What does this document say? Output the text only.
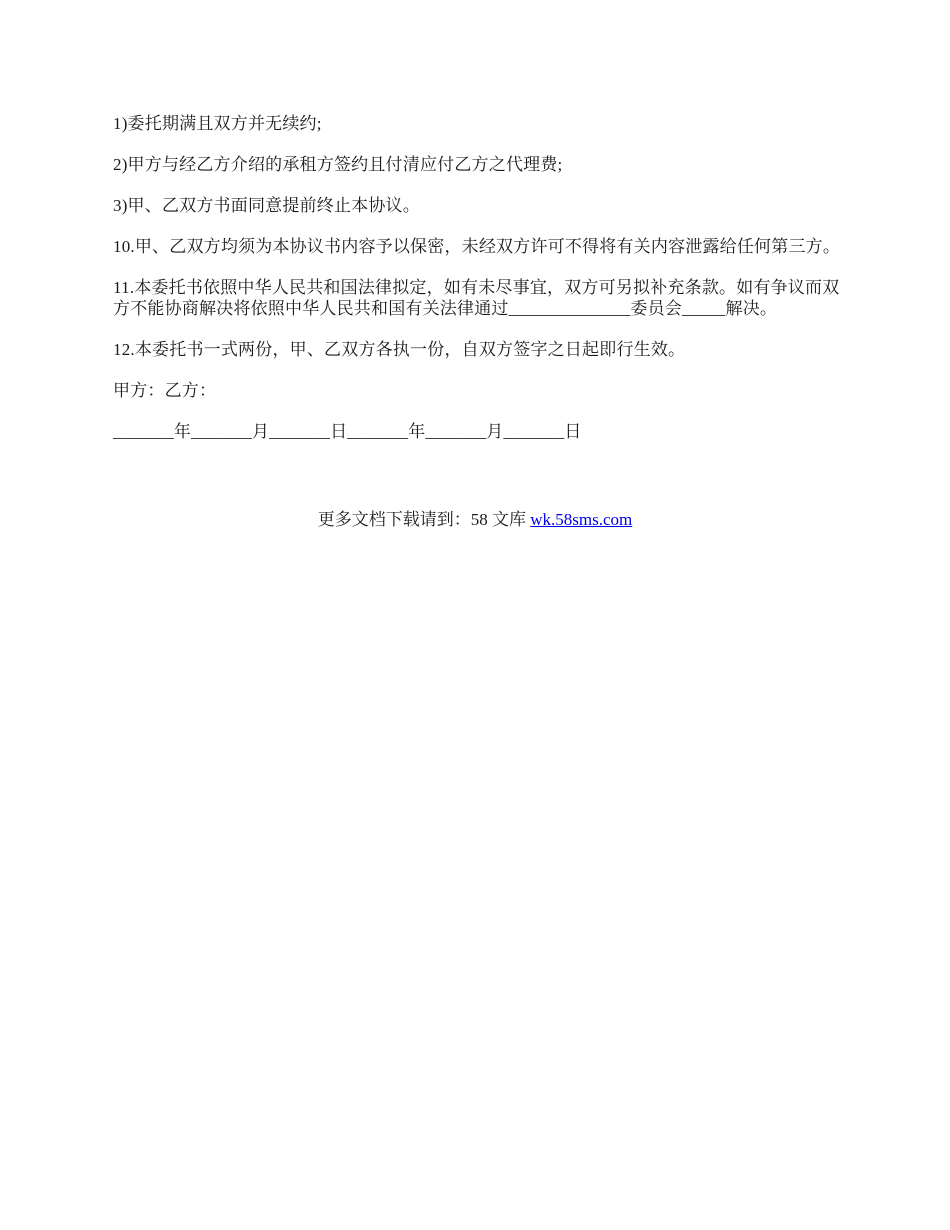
1)委托期满且双方并无续约;

2)甲方与经乙方介绍的承租方签约且付清应付乙方之代理费;

3)甲、乙双方书面同意提前终止本协议。

10.甲、乙双方均须为本协议书内容予以保密，未经双方许可不得将有关内容泄露给任何第三方。

11.本委托书依照中华人民共和国法律拟定，如有未尽事宜，双方可另拟补充条款。如有争议而双方不能协商解决将依照中华人民共和国有关法律通过______________委员会_____解决。

12.本委托书一式两份，甲、乙双方各执一份，自双方签字之日起即行生效。

甲方：乙方：

_______年_______月_______日_______年_______月_______日

更多文档下载请到：58 文库 wk.58sms.com
